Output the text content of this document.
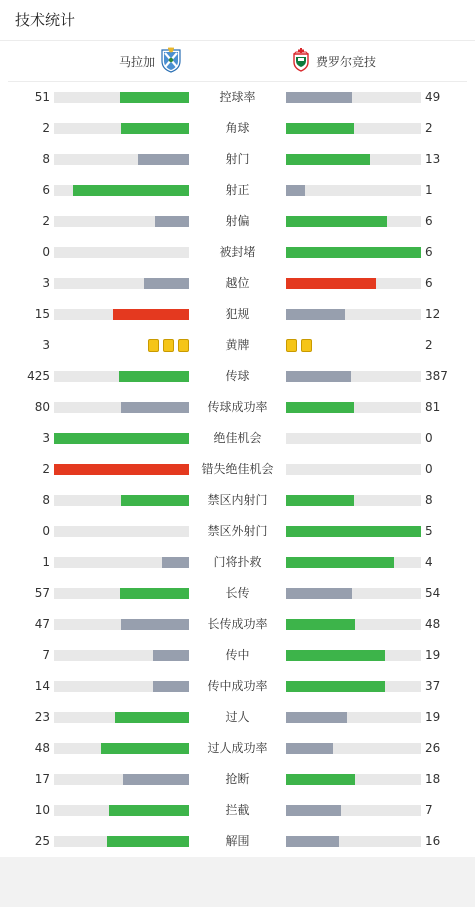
技术统计
马拉加	费罗尔竞技
51	控球率	49
2	角球	2
8	射门	13
6	射正	1
2	射偏	6
0	被封堵	6
3	越位	6
15	犯规	12
3	黄牌	2
425	传球	387
80	传球成功率	81
3	绝佳机会	0
2	错失绝佳机会	0
8	禁区内射门	8
0	禁区外射门	5
1	门将扑救	4
57	长传	54
47	长传成功率	48
7	传中	19
14	传中成功率	37
23	过人	19
48	过人成功率	26
17	抢断	18
10	拦截	7
25	解围	16
